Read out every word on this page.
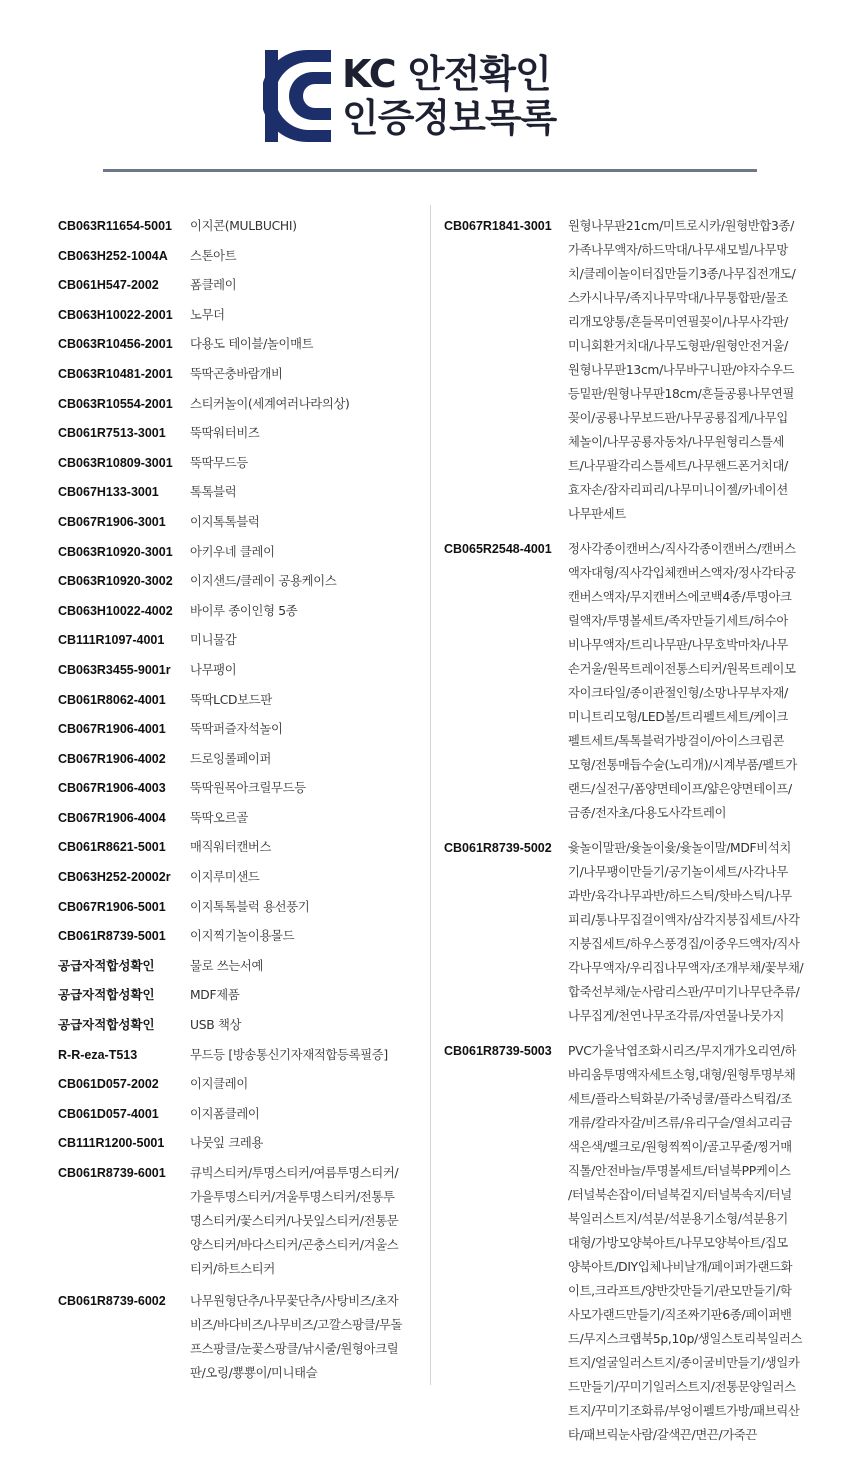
KC 안전확인
인증정보목록
CB063R11654-5001	이지콘(MULBUCHI)
CB063H252-1004A	스톤아트
CB061H547-2002	폼클레이
CB063H10022-2001	노무더
CB063R10456-2001	다용도 테이블/놀이매트
CB063R10481-2001	뚝딱곤충바람개비
CB063R10554-2001	스티커놀이(세계여러나라의상)
CB061R7513-3001	뚝딱워터비즈
CB063R10809-3001	뚝딱무드등
CB067H133-3001	톡톡블럭
CB067R1906-3001	이지톡톡블럭
CB063R10920-3001	아키우네 클레이
CB063R10920-3002	이지샌드/클레이 공용케이스
CB063H10022-4002	바이루 종이인형 5종
CB111R1097-4001	미니물감
CB063R3455-9001r	나무팽이
CB061R8062-4001	뚝딱LCD보드판
CB067R1906-4001	뚝딱퍼즐자석놀이
CB067R1906-4002	드로잉롤페이퍼
CB067R1906-4003	뚝딱원목아크릴무드등
CB067R1906-4004	뚝딱오르골
CB061R8621-5001	매직워터캔버스
CB063H252-20002r	이지루미샌드
CB067R1906-5001	이지톡톡블럭 용선풍기
CB061R8739-5001	이지찍기놀이용몰드
공급자적합성확인	물로 쓰는서예
공급자적합성확인	MDF제품
공급자적합성확인	USB 책상
R-R-eza-T513	무드등 [방송통신기자재적합등록필증]
CB061D057-2002	이지클레이
CB061D057-4001	이지폼클레이
CB111R1200-5001	나뭇잎 크레용
CB061R8739-6001	큐빅스티커/투명스티커/여름투명스티커/
가을투명스티커/겨울투명스티커/전통투
명스티커/꽃스티커/나뭇잎스티커/전통문
양스티커/바다스티커/곤충스티커/겨울스
티커/하트스티커
CB061R8739-6002	나무원형단추/나무꽃단추/사탕비즈/초자
비즈/바다비즈/나무비즈/고깔스팡클/무돌
프스팡클/눈꽃스팡클/낚시줄/원형아크릴
판/오링/뿅뿅이/미니태슬
CB067R1841-3001	원형나무판21cm/미트로시카/원형반합3종/
가족나무액자/하드막대/나무새모빌/나무망
치/클레이놀이터집만들기3종/나무집전개도/
스카시나무/족지나무막대/나무통합판/물조
리개모양통/흔들목미연필꽂이/나무사각판/
미니회환거치대/나무도형판/원형안전거울/
원형나무판13cm/나무바구니판/야자수우드
등밑판/원형나무판18cm/흔들공룡나무연필
꽂이/공룡나무보드판/나무공룡집게/나무입
체놀이/나무공룡자동차/나무원형리스틀세
트/나무팔각리스틀세트/나무핸드폰거치대/
효자손/잠자리피리/나무미니이젤/카네이션
나무판세트
CB065R2548-4001	정사각종이캔버스/직사각종이캔버스/캔버스
액자대형/직사각입체캔버스액자/정사각타공
캔버스액자/무지캔버스에코백4종/투명아크
릴액자/투명볼세트/족자만들기세트/허수아
비나무액자/트리나무판/나무호박마차/나무
손거울/원목트레이전통스티커/원목트레이모
자이크타일/종이관절인형/소망나무부자재/
미니트리모형/LED볼/트리펠트세트/케이크
펠트세트/톡톡블럭가방걸이/아이스크림콘
모형/전통매듭수술(노리개)/시계부품/펠트가
랜드/실전구/폼양면테이프/얇은양면테이프/
금종/전자초/다용도사각트레이
CB061R8739-5002	윷놀이말판/윷놀이윷/윷놀이말/MDF비석치
기/나무팽이만들기/공기놀이세트/사각나무
과반/육각나무과반/하드스틱/핫바스틱/나무
피리/통나무집걸이액자/삼각지붕집세트/사각
지붕집세트/하우스풍경집/이중우드액자/직사
각나무액자/우리집나무액자/조개부채/꽃부채/
합죽선부채/눈사람리스판/꾸미기나무단추류/
나무집게/천연나무조각류/자연물나뭇가지
CB061R8739-5003	PVC가울낙엽조화시리즈/무지개가오리연/하
바리움투명액자세트소형,대형/원형투명부채
세트/플라스틱화분/가죽넝쿨/플라스틱컵/조
개류/칼라자갈/비즈류/유리구슬/열쇠고리금
색은색/벨크로/원형찍찍이/골고무줄/찡거매
직톨/안전바늘/투명볼세트/터널북PP케이스
/터널북손잡이/터널북겉지/터널북속지/터널
북일러스트지/석분/석분용기소형/석분용기
대형/가방모양북아트/나무모양북아트/집모
양북아트/DIY입체나비날개/페이퍼가랜드화
이트,크라프트/양반갓만들기/관모만들기/학
사모가랜드만들기/직조짜기판6종/페이퍼밴
드/무지스크랩북5p,10p/생일스토리북일러스
트지/얼굴일러스트지/종이굴비만들기/생일카
드만들기/꾸미기일러스트지/전통문양일러스
트지/꾸미기조화류/부엉이펠트가방/패브릭산
타/패브릭눈사람/갈색끈/면끈/가죽끈
